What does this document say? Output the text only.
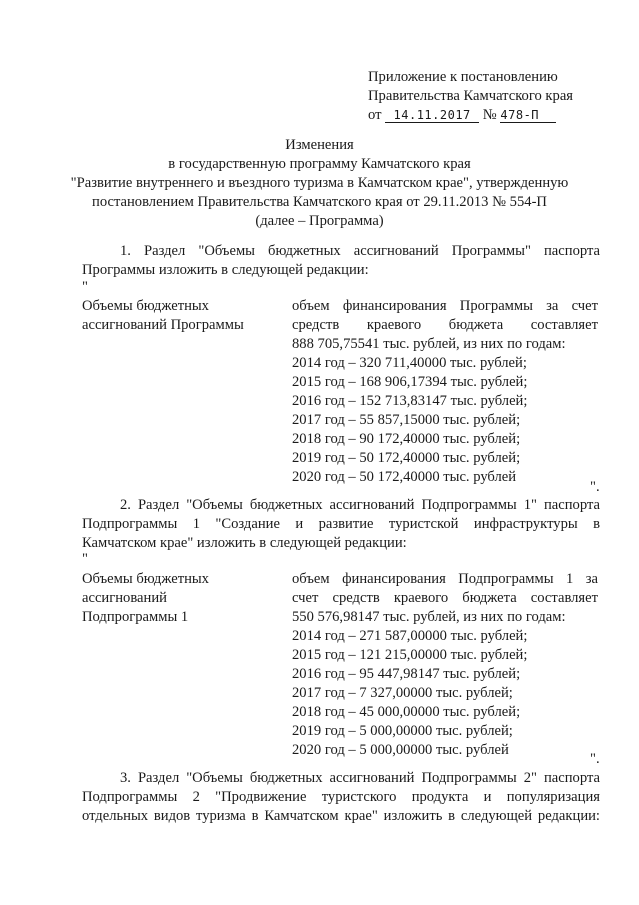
Приложение к постановлению
Правительства Камчатского края
от 14.11.2017 № 478-П
Изменения
в государственную программу Камчатского края
"Развитие внутреннего и въездного туризма в Камчатском крае", утвержденную
постановлением Правительства Камчатского края от 29.11.2013 № 554-П
(далее – Программа)
1. Раздел "Объемы бюджетных ассигнований Программы" паспорта
Программы изложить в следующей редакции:
"
Объемы бюджетных
ассигнований Программы
объем финансирования Программы за счет
средств краевого бюджета составляет
888 705,75541 тыс. рублей, из них по годам:
2014 год – 320 711,40000 тыс. рублей;
2015 год – 168 906,17394 тыс. рублей;
2016 год – 152 713,83147 тыс. рублей;
2017 год – 55 857,15000 тыс. рублей;
2018 год – 90 172,40000 тыс. рублей;
2019 год – 50 172,40000 тыс. рублей;
2020 год – 50 172,40000 тыс. рублей
".
2. Раздел "Объемы бюджетных ассигнований Подпрограммы 1" паспорта
Подпрограммы 1 "Создание и развитие туристской инфраструктуры в
Камчатском крае" изложить в следующей редакции:
"
Объемы бюджетных
ассигнований
Подпрограммы 1
объем финансирования Подпрограммы 1 за
счет средств краевого бюджета составляет
550 576,98147 тыс. рублей, из них по годам:
2014 год – 271 587,00000 тыс. рублей;
2015 год – 121 215,00000 тыс. рублей;
2016 год – 95 447,98147 тыс. рублей;
2017 год – 7 327,00000 тыс. рублей;
2018 год – 45 000,00000 тыс. рублей;
2019 год – 5 000,00000 тыс. рублей;
2020 год – 5 000,00000 тыс. рублей
".
3. Раздел "Объемы бюджетных ассигнований Подпрограммы 2" паспорта
Подпрограммы 2 "Продвижение туристского продукта и популяризация
отдельных видов туризма в Камчатском крае" изложить в следующей редакции:
